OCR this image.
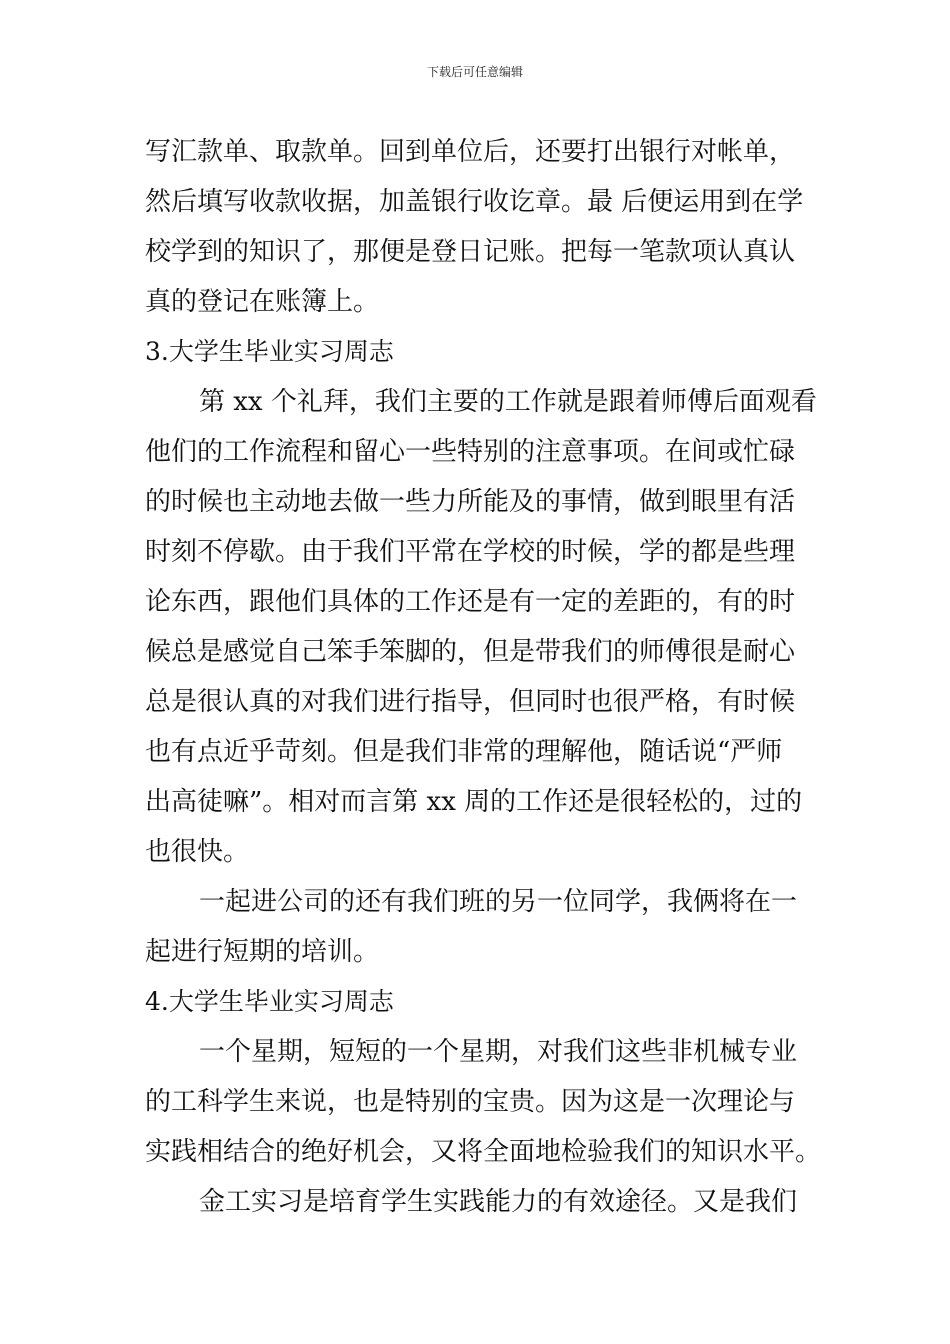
下载后可任意编辑
写汇款单、取款单。回到单位后，还要打出银行对帐单，
然后填写收款收据，加盖银行收讫章。最 后便运用到在学
校学到的知识了，那便是登日记账。把每一笔款项认真认
真的登记在账簿上。
3.大学生毕业实习周志
第 xx 个礼拜，我们主要的工作就是跟着师傅后面观看
他们的工作流程和留心一些特别的注意事项。在间或忙碌
的时候也主动地去做一些力所能及的事情，做到眼里有活
时刻不停歇。由于我们平常在学校的时候，学的都是些理
论东西，跟他们具体的工作还是有一定的差距的，有的时
候总是感觉自己笨手笨脚的，但是带我们的师傅很是耐心
总是很认真的对我们进行指导，但同时也很严格，有时候
也有点近乎苛刻。但是我们非常的理解他，随话说“严师
出高徒嘛”。相对而言第 xx 周的工作还是很轻松的，过的
也很快。
一起进公司的还有我们班的另一位同学，我俩将在一
起进行短期的培训。
4.大学生毕业实习周志
一个星期，短短的一个星期，对我们这些非机械专业
的工科学生来说，也是特别的宝贵。因为这是一次理论与
实践相结合的绝好机会，又将全面地检验我们的知识水平。
金工实习是培育学生实践能力的有效途径。又是我们
